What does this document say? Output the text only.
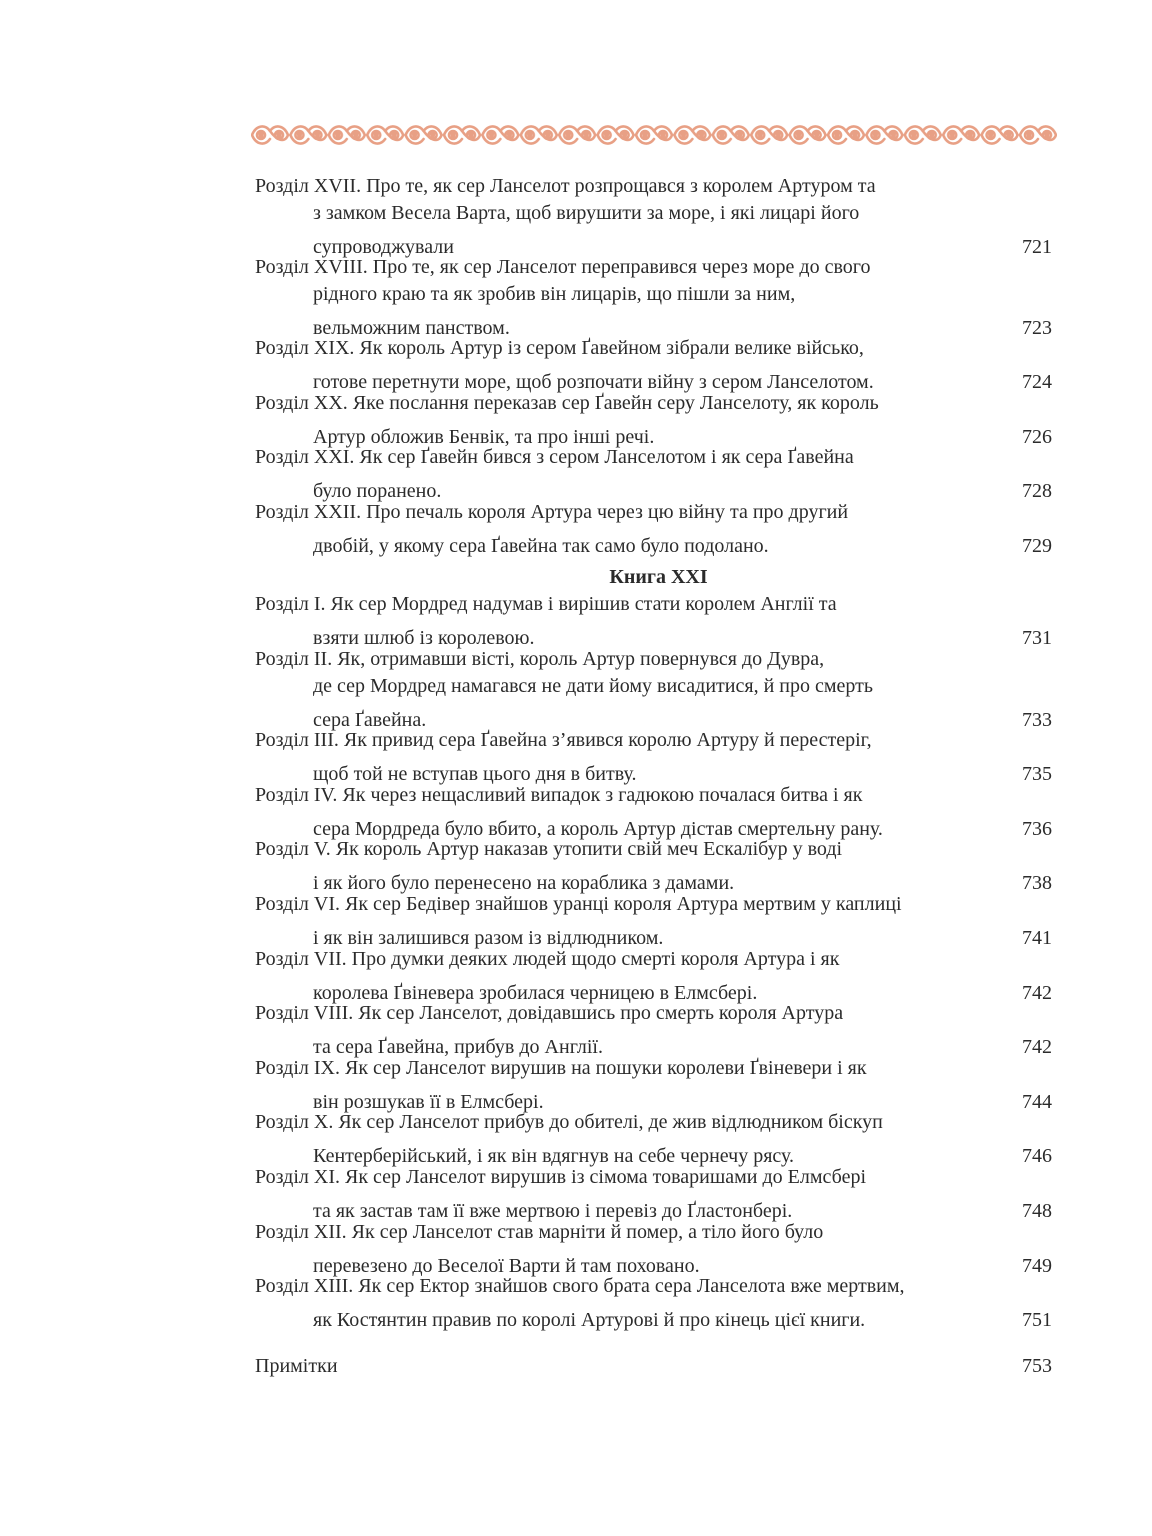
Розділ XVII. Про те, як сер Ланселот розпрощався з королем Артуром та
з замком Весела Варта, щоб вирушити за море, і які лицарі його
супроводжували	721
Розділ XVIII. Про те, як сер Ланселот переправився через море до свого
рідного краю та як зробив він лицарів, що пішли за ним,
вельможним панством.	723
Розділ XIX. Як король Артур із сером Ґавейном зібрали велике військо,
готове перетнути море, щоб розпочати війну з сером Ланселотом.	724
Розділ XX. Яке послання переказав сер Ґавейн серу Ланселоту, як король
Артур обложив Бенвік, та про інші речі.	726
Розділ XXI. Як сер Ґавейн бився з сером Ланселотом і як сера Ґавейна
було поранено.	728
Розділ XXII. Про печаль короля Артура через цю війну та про другий
двобій, у якому сера Ґавейна так само було подолано.	729
Книга XXI
Розділ I. Як сер Мордред надумав і вирішив стати королем Англії та
взяти шлюб із королевою.	731
Розділ II. Як, отримавши вісті, король Артур повернувся до Дувра,
де сер Мордред намагався не дати йому висадитися, й про смерть
сера Ґавейна.	733
Розділ III. Як привид сера Ґавейна з’явився королю Артуру й перестеріг,
щоб той не вступав цього дня в битву.	735
Розділ IV. Як через нещасливий випадок з гадюкою почалася битва і як
сера Мордреда було вбито, а король Артур дістав смертельну рану.	736
Розділ V. Як король Артур наказав утопити свій меч Ескалібур у воді
і як його було перенесено на кораблика з дамами.	738
Розділ VI. Як сер Бедівер знайшов уранці короля Артура мертвим у каплиці
і як він залишився разом із відлюдником.	741
Розділ VII. Про думки деяких людей щодо смерті короля Артура і як
королева Ґвіневера зробилася черницею в Елмсбері.	742
Розділ VIII. Як сер Ланселот, довідавшись про смерть короля Артура
та сера Ґавейна, прибув до Англії.	742
Розділ IX. Як сер Ланселот вирушив на пошуки королеви Ґвіневери і як
він розшукав її в Елмсбері.	744
Розділ X. Як сер Ланселот прибув до обителі, де жив відлюдником біскуп
Кентерберійський, і як він вдягнув на себе чернечу рясу.	746
Розділ XI. Як сер Ланселот вирушив із сімома товаришами до Елмсбері
та як застав там її вже мертвою і перевіз до Ґластонбері.	748
Розділ XII. Як сер Ланселот став марніти й помер, а тіло його було
перевезено до Веселої Варти й там поховано.	749
Розділ XIII. Як сер Ектор знайшов свого брата сера Ланселота вже мертвим,
як Костянтин правив по королі Артурові й про кінець цієї книги.	751
Примітки	753
